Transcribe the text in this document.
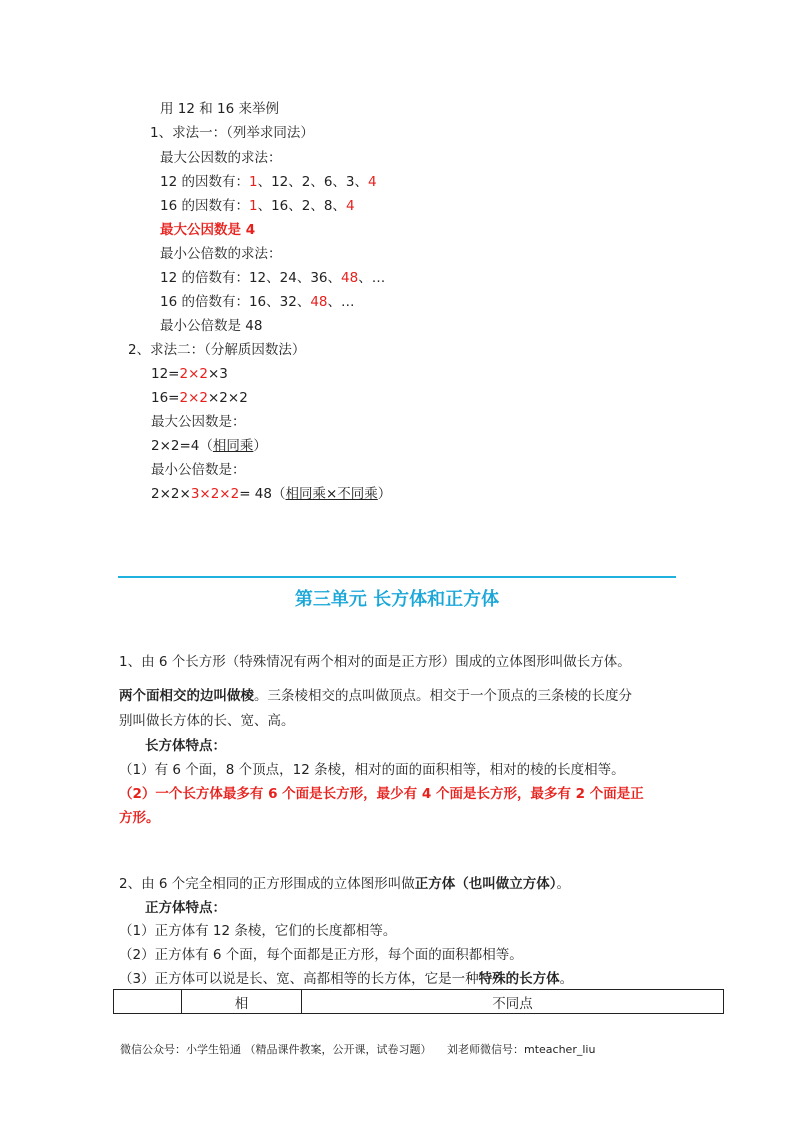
用 12 和 16 来举例
1、求法一：（列举求同法）
最大公因数的求法：
12 的因数有：1、12、2、6、3、4
16 的因数有：1、16、2、8、4
最大公因数是 4
最小公倍数的求法：
12 的倍数有：12、24、36、48、…
16 的倍数有：16、32、48、…
最小公倍数是 48
2、求法二：（分解质因数法）
12=2×2×3
16=2×2×2×2
最大公因数是：
2×2=4（相同乘）
最小公倍数是：
2×2×3×2×2= 48（相同乘×不同乘）
第三单元 长方体和正方体
1、由 6 个长方形（特殊情况有两个相对的面是正方形）围成的立体图形叫做长方体。
两个面相交的边叫做棱。三条棱相交的点叫做顶点。相交于一个顶点的三条棱的长度分
别叫做长方体的长、宽、高。
长方体特点：
（1）有 6 个面，8 个顶点，12 条棱，相对的面的面积相等，相对的棱的长度相等。
（2）一个长方体最多有 6 个面是长方形，最少有 4 个面是长方形，最多有 2 个面是正
方形。
2、由 6 个完全相同的正方形围成的立体图形叫做正方体（也叫做立方体）。
正方体特点：
（1）正方体有 12 条棱，它们的长度都相等。
（2）正方体有 6 个面，每个面都是正方形，每个面的面积都相等。
（3）正方体可以说是长、宽、高都相等的长方体，它是一种特殊的长方体。
	相	不同点
微信公众号：小学生铅通 （精品课件教案，公开课，试卷习题） 刘老师微信号：mteacher_liu
